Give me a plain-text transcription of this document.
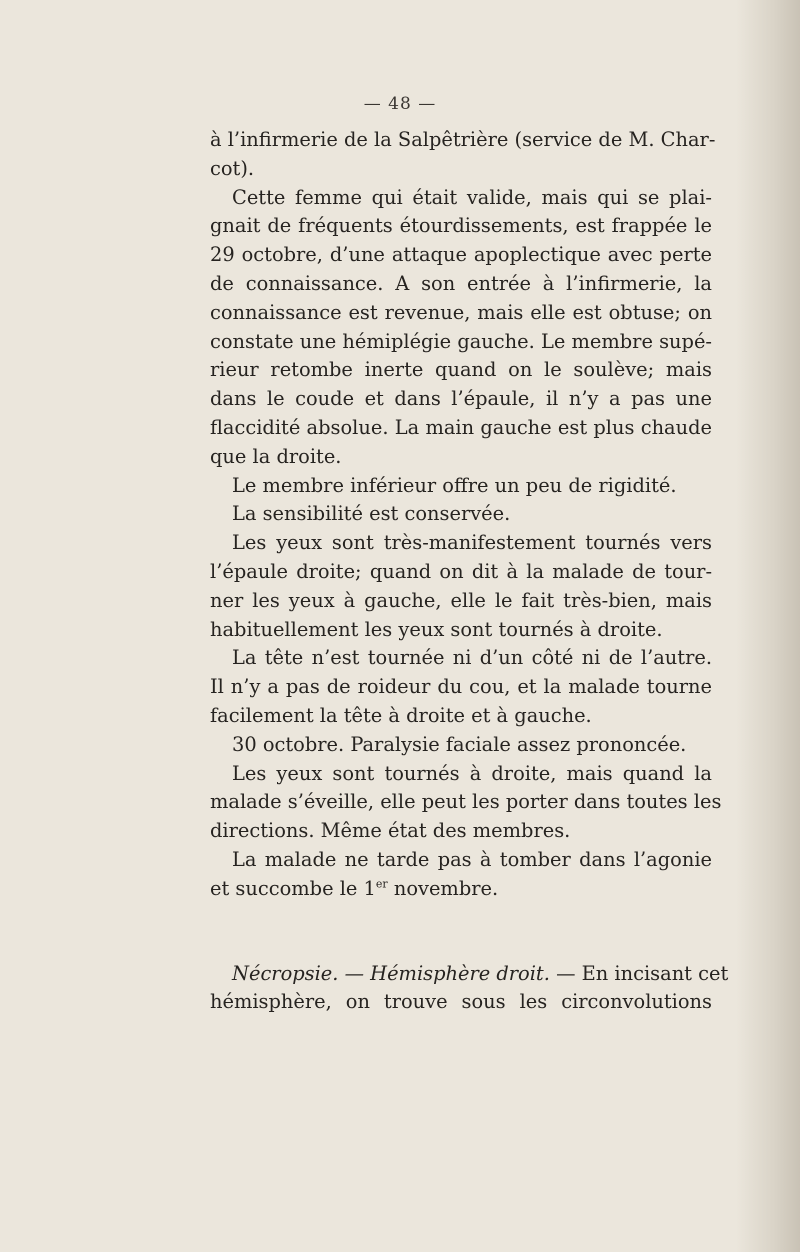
— 48 —
à l’infirmerie de la Salpêtrière (service de M. Char-
cot).
Cette femme qui était valide, mais qui se plai-
gnait de fréquents étourdissements, est frappée le
29 octobre, d’une attaque apoplectique avec perte
de connaissance. A son entrée à l’infirmerie, la
connaissance est revenue, mais elle est obtuse; on
constate une hémiplégie gauche. Le membre supé-
rieur retombe inerte quand on le soulève; mais
dans le coude et dans l’épaule, il n’y a pas une
flaccidité absolue. La main gauche est plus chaude
que la droite.
Le membre inférieur offre un peu de rigidité.
La sensibilité est conservée.
Les yeux sont très-manifestement tournés vers
l’épaule droite; quand on dit à la malade de tour-
ner les yeux à gauche, elle le fait très-bien, mais
habituellement les yeux sont tournés à droite.
La tête n’est tournée ni d’un côté ni de l’autre.
Il n’y a pas de roideur du cou, et la malade tourne
facilement la tête à droite et à gauche.
30 octobre. Paralysie faciale assez prononcée.
Les yeux sont tournés à droite, mais quand la
malade s’éveille, elle peut les porter dans toutes les
directions. Même état des membres.
La malade ne tarde pas à tomber dans l’agonie
et succombe le 1er novembre.
Nécropsie. — Hémisphère droit. — En incisant cet
hémisphère, on trouve sous les circonvolutions
